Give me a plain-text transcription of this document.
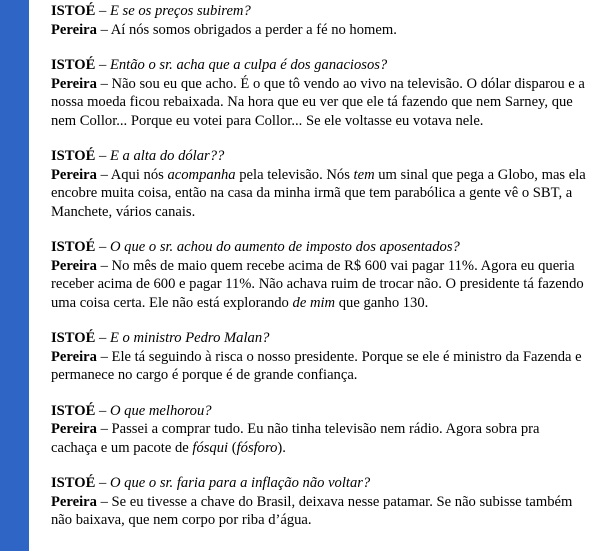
ISTOÉ – E se os preços subirem?

Pereira – Aí nós somos obrigados a perder a fé no homem.

ISTOÉ – Então o sr. acha que a culpa é dos ganaciosos?

Pereira – Não sou eu que acho. É o que tô vendo ao vivo na televisão. O dólar disparou e a nossa moeda ficou rebaixada. Na hora que eu ver que ele tá fazendo que nem Sarney, que nem Collor... Porque eu votei para Collor... Se ele voltasse eu votava nele.

ISTOÉ – E a alta do dólar??

Pereira – Aqui nós acompanha pela televisão. Nós tem um sinal que pega a Globo, mas ela encobre muita coisa, então na casa da minha irmã que tem parabólica a gente vê o SBT, a Manchete, vários canais.

ISTOÉ – O que o sr. achou do aumento de imposto dos aposentados?

Pereira – No mês de maio quem recebe acima de R$ 600 vai pagar 11%. Agora eu queria receber acima de 600 e pagar 11%. Não achava ruim de trocar não. O presidente tá fazendo uma coisa certa. Ele não está explorando de mim que ganho 130.

ISTOÉ – E o ministro Pedro Malan?

Pereira – Ele tá seguindo à risca o nosso presidente. Porque se ele é ministro da Fazenda e permanece no cargo é porque é de grande confiança.

ISTOÉ – O que melhorou?

Pereira – Passei a comprar tudo. Eu não tinha televisão nem rádio. Agora sobra pra cachaça e um pacote de fósqui (fósforo).

ISTOÉ – O que o sr. faria para a inflação não voltar?

Pereira – Se eu tivesse a chave do Brasil, deixava nesse patamar. Se não subisse também não baixava, que nem corpo por riba d’água.
